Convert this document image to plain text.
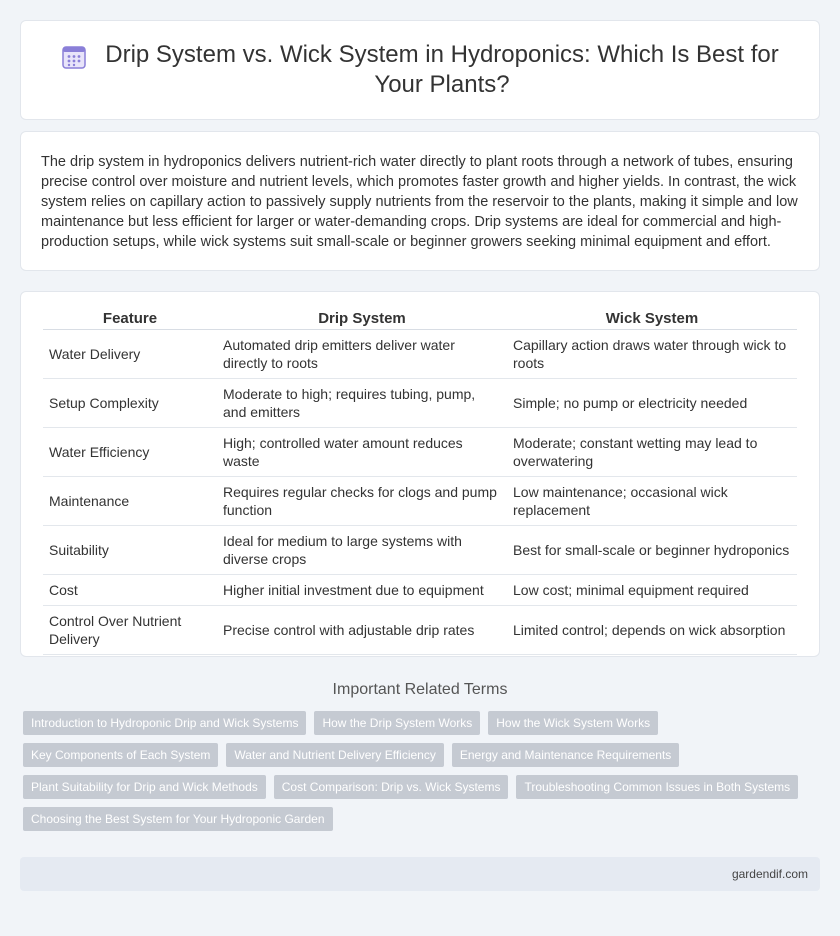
Drip System vs. Wick System in Hydroponics: Which Is Best for Your Plants?

The drip system in hydroponics delivers nutrient-rich water directly to plant roots through a network of tubes, ensuring precise control over moisture and nutrient levels, which promotes faster growth and higher yields. In contrast, the wick system relies on capillary action to passively supply nutrients from the reservoir to the plants, making it simple and low maintenance but less efficient for larger or water-demanding crops. Drip systems are ideal for commercial and high-production setups, while wick systems suit small-scale or beginner growers seeking minimal equipment and effort.

Feature	Drip System	Wick System
Water Delivery	Automated drip emitters deliver water directly to roots	Capillary action draws water through wick to roots
Setup Complexity	Moderate to high; requires tubing, pump, and emitters	Simple; no pump or electricity needed
Water Efficiency	High; controlled water amount reduces waste	Moderate; constant wetting may lead to overwatering
Maintenance	Requires regular checks for clogs and pump function	Low maintenance; occasional wick replacement
Suitability	Ideal for medium to large systems with diverse crops	Best for small-scale or beginner hydroponics
Cost	Higher initial investment due to equipment	Low cost; minimal equipment required
Control Over Nutrient Delivery	Precise control with adjustable drip rates	Limited control; depends on wick absorption
Important Related Terms
Introduction to Hydroponic Drip and Wick Systems	How the Drip System Works	How the Wick System Works
Key Components of Each System	Water and Nutrient Delivery Efficiency	Energy and Maintenance Requirements
Plant Suitability for Drip and Wick Methods	Cost Comparison: Drip vs. Wick Systems	Troubleshooting Common Issues in Both Systems
Choosing the Best System for Your Hydroponic Garden
gardendif.com
